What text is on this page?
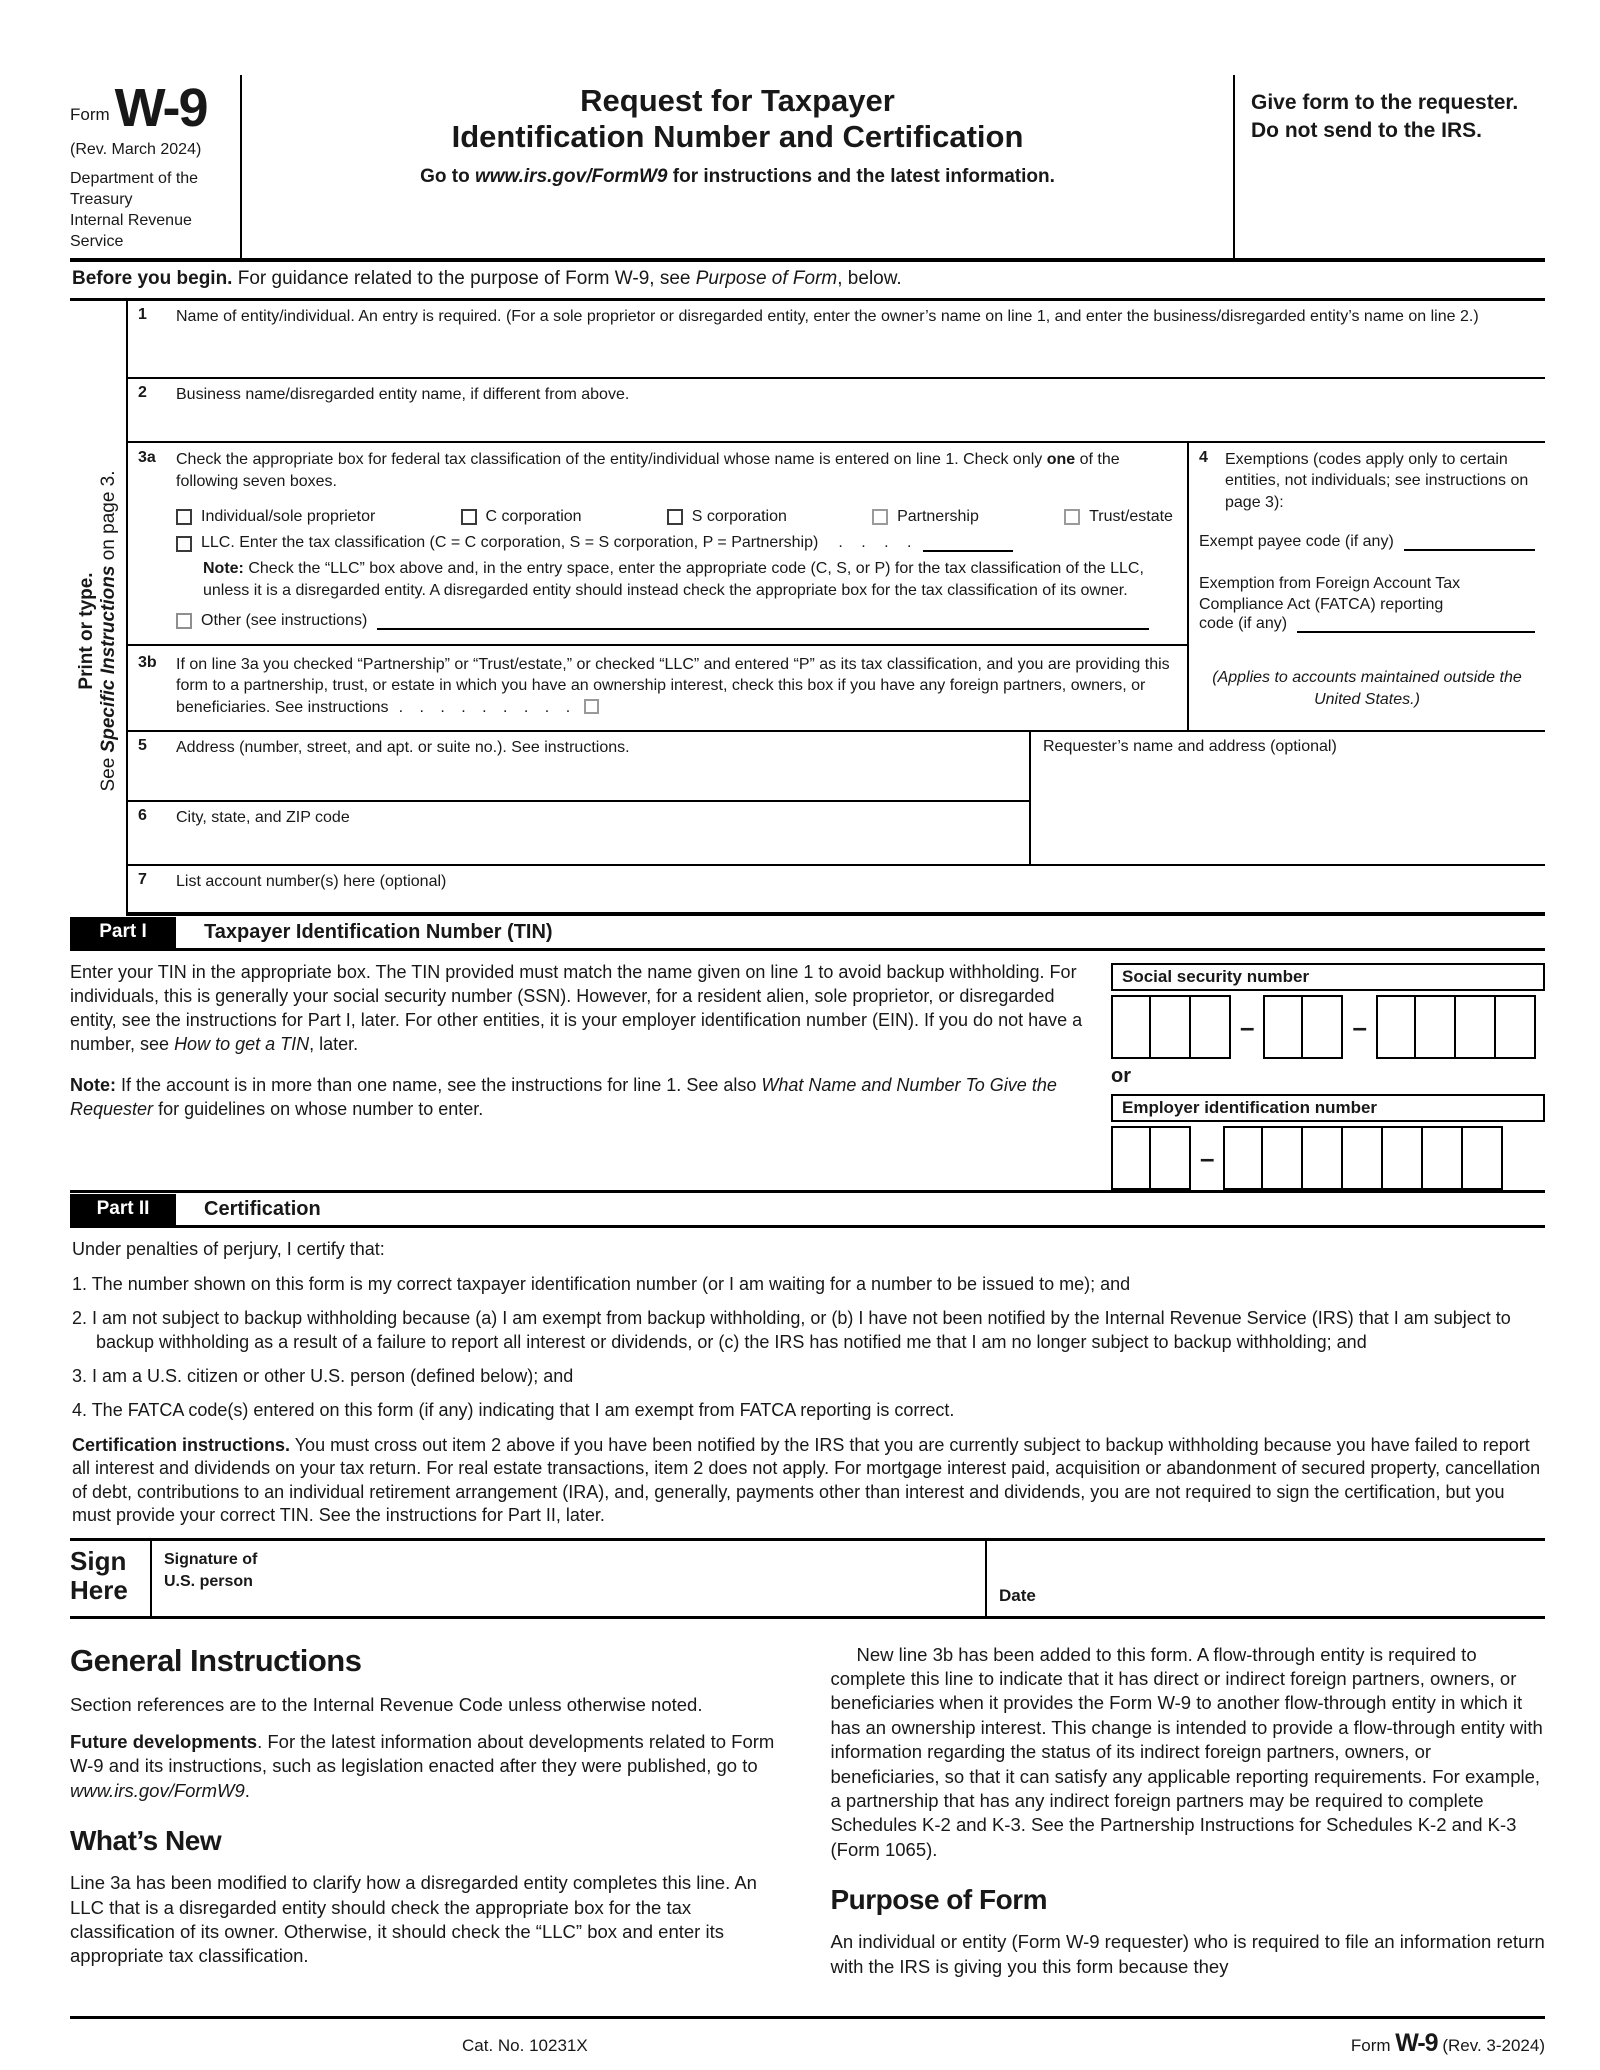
Form W-9
(Rev. March 2024)
Department of the Treasury
Internal Revenue Service
Request for Taxpayer
Identification Number and Certification
Go to www.irs.gov/FormW9 for instructions and the latest information.
Give form to the requester. Do not send to the IRS.
Before you begin. For guidance related to the purpose of Form W-9, see Purpose of Form, below.
Print or type.
See Specific Instructions on page 3.
1	Name of entity/individual. An entry is required. (For a sole proprietor or disregarded entity, enter the owner’s name on line 1, and enter the business/disregarded entity’s name on line 2.)
2	Business name/disregarded entity name, if different from above.
3a	Check the appropriate box for federal tax classification of the entity/individual whose name is entered on line 1. Check only one of the following seven boxes.
Individual/sole proprietor	C corporation	S corporation	Partnership	Trust/estate
LLC. Enter the tax classification (C = C corporation, S = S corporation, P = Partnership) . . . .
Note: Check the “LLC” box above and, in the entry space, enter the appropriate code (C, S, or P) for the tax classification of the LLC, unless it is a disregarded entity. A disregarded entity should instead check the appropriate box for the tax classification of its owner.
Other (see instructions)
3b	If on line 3a you checked “Partnership” or “Trust/estate,” or checked “LLC” and entered “P” as its tax classification, and you are providing this form to a partnership, trust, or estate in which you have an ownership interest, check this box if you have any foreign partners, owners, or beneficiaries. See instructions . . . . . . . . .
4	Exemptions (codes apply only to certain entities, not individuals; see instructions on page 3):
Exempt payee code (if any)
Exemption from Foreign Account Tax Compliance Act (FATCA) reporting
code (if any)
(Applies to accounts maintained outside the United States.)
5	Address (number, street, and apt. or suite no.). See instructions.
6	City, state, and ZIP code
Requester’s name and address (optional)
7	List account number(s) here (optional)
Part I	Taxpayer Identification Number (TIN)
Enter your TIN in the appropriate box. The TIN provided must match the name given on line 1 to avoid backup withholding. For individuals, this is generally your social security number (SSN). However, for a resident alien, sole proprietor, or disregarded entity, see the instructions for Part I, later. For other entities, it is your employer identification number (EIN). If you do not have a number, see How to get a TIN, later.
Note: If the account is in more than one name, see the instructions for line 1. See also What Name and Number To Give the Requester for guidelines on whose number to enter.
Social security number
–	–
or
Employer identification number
–
Part II	Certification
Under penalties of perjury, I certify that:
1. The number shown on this form is my correct taxpayer identification number (or I am waiting for a number to be issued to me); and
2. I am not subject to backup withholding because (a) I am exempt from backup withholding, or (b) I have not been notified by the Internal Revenue Service (IRS) that I am subject to backup withholding as a result of a failure to report all interest or dividends, or (c) the IRS has notified me that I am no longer subject to backup withholding; and
3. I am a U.S. citizen or other U.S. person (defined below); and
4. The FATCA code(s) entered on this form (if any) indicating that I am exempt from FATCA reporting is correct.
Certification instructions. You must cross out item 2 above if you have been notified by the IRS that you are currently subject to backup withholding because you have failed to report all interest and dividends on your tax return. For real estate transactions, item 2 does not apply. For mortgage interest paid, acquisition or abandonment of secured property, cancellation of debt, contributions to an individual retirement arrangement (IRA), and, generally, payments other than interest and dividends, you are not required to sign the certification, but you must provide your correct TIN. See the instructions for Part II, later.
Sign
Here
Signature of
U.S. person
Date
General Instructions
Section references are to the Internal Revenue Code unless otherwise noted.
Future developments. For the latest information about developments related to Form W-9 and its instructions, such as legislation enacted after they were published, go to www.irs.gov/FormW9.
What’s New
Line 3a has been modified to clarify how a disregarded entity completes this line. An LLC that is a disregarded entity should check the appropriate box for the tax classification of its owner. Otherwise, it should check the “LLC” box and enter its appropriate tax classification.
New line 3b has been added to this form. A flow-through entity is required to complete this line to indicate that it has direct or indirect foreign partners, owners, or beneficiaries when it provides the Form W-9 to another flow-through entity in which it has an ownership interest. This change is intended to provide a flow-through entity with information regarding the status of its indirect foreign partners, owners, or beneficiaries, so that it can satisfy any applicable reporting requirements. For example, a partnership that has any indirect foreign partners may be required to complete Schedules K-2 and K-3. See the Partnership Instructions for Schedules K-2 and K-3 (Form 1065).
Purpose of Form
An individual or entity (Form W-9 requester) who is required to file an information return with the IRS is giving you this form because they
Cat. No. 10231X	Form W-9 (Rev. 3-2024)
